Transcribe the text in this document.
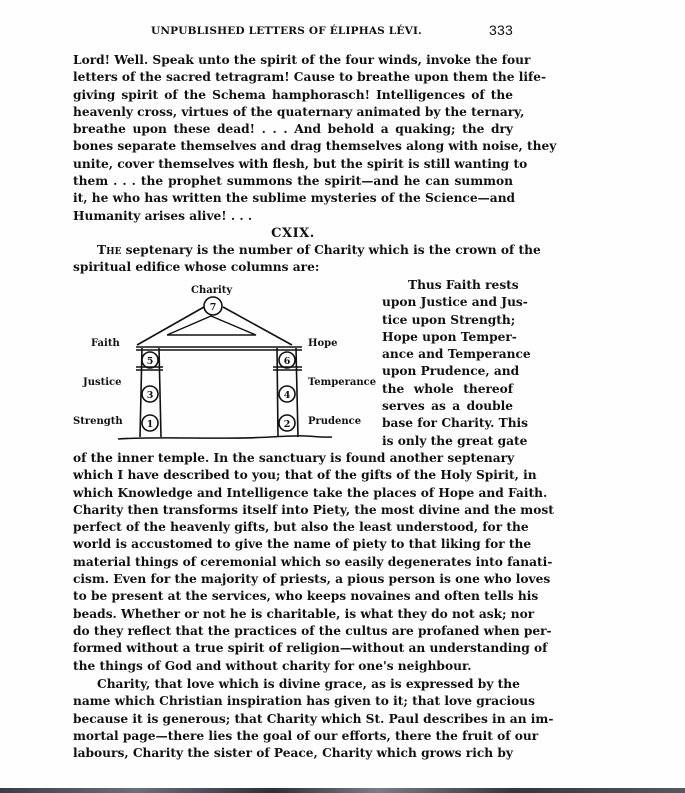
UNPUBLISHED LETTERS OF ÉLIPHAS LÉVI.	333
Lord! Well. Speak unto the spirit of the four winds, invoke the four
letters of the sacred tetragram! Cause to breathe upon them the life-
giving spirit of the Schema hamphorasch! Intelligences of the
heavenly cross, virtues of the quaternary animated by the ternary,
breathe upon these dead! . . . And behold a quaking; the dry
bones separate themselves and drag themselves along with noise, they
unite, cover themselves with flesh, but the spirit is still wanting to
them . . . the prophet summons the spirit—and he can summon
it, he who has written the sublime mysteries of the Science—and
Humanity arises alive! . . .
CXIX.
The septenary is the number of Charity which is the crown of the
spiritual edifice whose columns are:
7
5	6
3	4
1	2
Charity
Faith
Justice
Strength
Hope
Temperance
Prudence
Thus Faith rests
upon Justice and Jus-
tice upon Strength;
Hope upon Temper-
ance and Temperance
upon Prudence, and
the whole thereof
serves as a double
base for Charity. This
is only the great gate
of the inner temple. In the sanctuary is found another septenary
which I have described to you; that of the gifts of the Holy Spirit, in
which Knowledge and Intelligence take the places of Hope and Faith.
Charity then transforms itself into Piety, the most divine and the most
perfect of the heavenly gifts, but also the least understood, for the
world is accustomed to give the name of piety to that liking for the
material things of ceremonial which so easily degenerates into fanati-
cism. Even for the majority of priests, a pious person is one who loves
to be present at the services, who keeps novaines and often tells his
beads. Whether or not he is charitable, is what they do not ask; nor
do they reflect that the practices of the cultus are profaned when per-
formed without a true spirit of religion—without an understanding of
the things of God and without charity for one's neighbour.
Charity, that love which is divine grace, as is expressed by the
name which Christian inspiration has given to it; that love gracious
because it is generous; that Charity which St. Paul describes in an im-
mortal page—there lies the goal of our efforts, there the fruit of our
labours, Charity the sister of Peace, Charity which grows rich by
